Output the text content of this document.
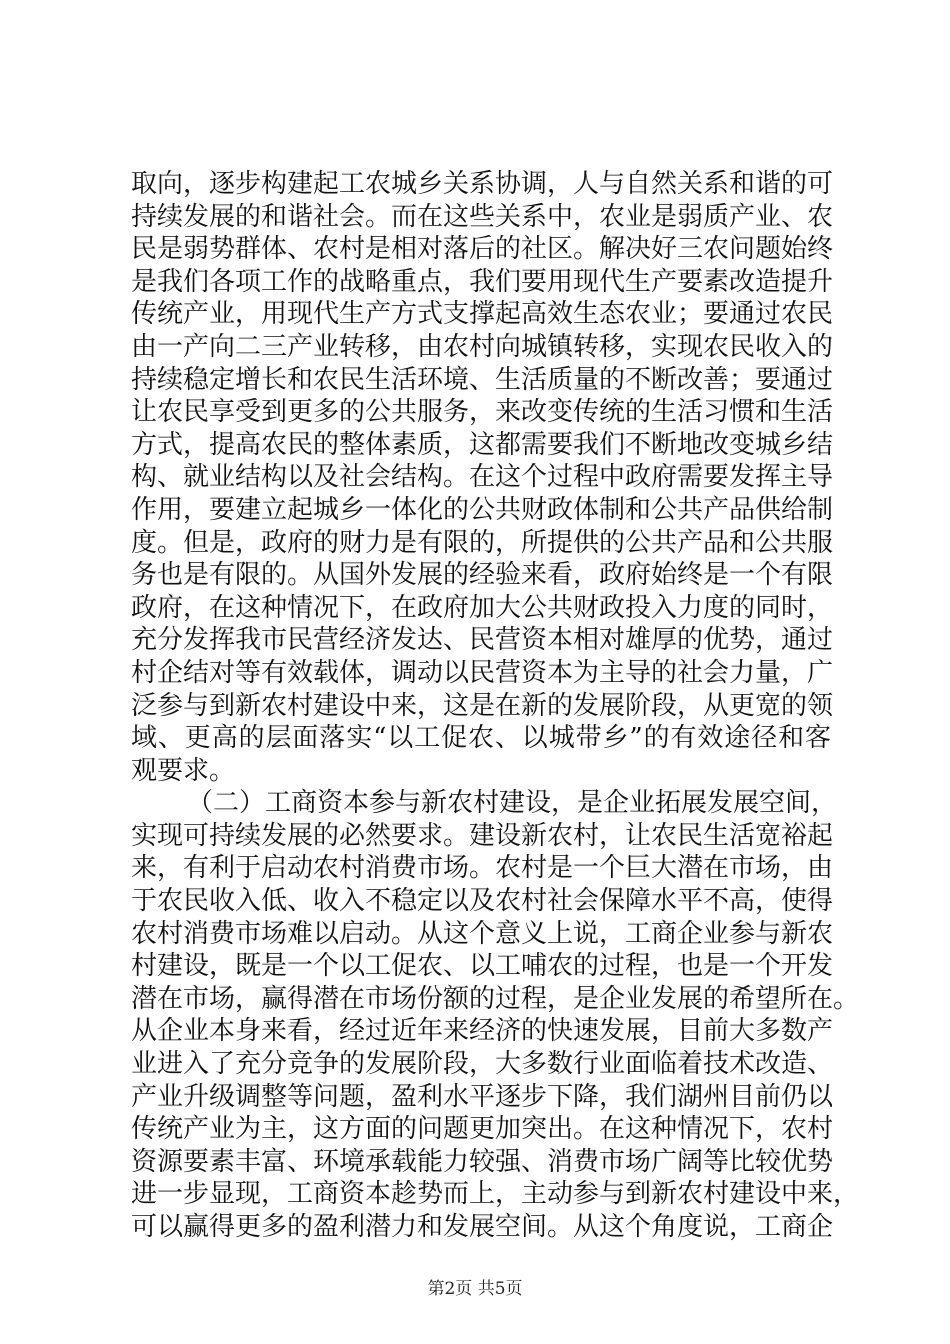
取向，逐步构建起工农城乡关系协调，人与自然关系和谐的可
持续发展的和谐社会。而在这些关系中，农业是弱质产业、农
民是弱势群体、农村是相对落后的社区。解决好三农问题始终
是我们各项工作的战略重点，我们要用现代生产要素改造提升
传统产业，用现代生产方式支撑起高效生态农业；要通过农民
由一产向二三产业转移，由农村向城镇转移，实现农民收入的
持续稳定增长和农民生活环境、生活质量的不断改善；要通过
让农民享受到更多的公共服务，来改变传统的生活习惯和生活
方式，提高农民的整体素质，这都需要我们不断地改变城乡结
构、就业结构以及社会结构。在这个过程中政府需要发挥主导
作用，要建立起城乡一体化的公共财政体制和公共产品供给制
度。但是，政府的财力是有限的，所提供的公共产品和公共服
务也是有限的。从国外发展的经验来看，政府始终是一个有限
政府，在这种情况下，在政府加大公共财政投入力度的同时，
充分发挥我市民营经济发达、民营资本相对雄厚的优势，通过
村企结对等有效载体，调动以民营资本为主导的社会力量，广
泛参与到新农村建设中来，这是在新的发展阶段，从更宽的领
域、更高的层面落实“以工促农、以城带乡”的有效途径和客
观要求。
（二）工商资本参与新农村建设，是企业拓展发展空间，
实现可持续发展的必然要求。建设新农村，让农民生活宽裕起
来，有利于启动农村消费市场。农村是一个巨大潜在市场，由
于农民收入低、收入不稳定以及农村社会保障水平不高，使得
农村消费市场难以启动。从这个意义上说，工商企业参与新农
村建设，既是一个以工促农、以工哺农的过程，也是一个开发
潜在市场，赢得潜在市场份额的过程，是企业发展的希望所在。
从企业本身来看，经过近年来经济的快速发展，目前大多数产
业进入了充分竞争的发展阶段，大多数行业面临着技术改造、
产业升级调整等问题，盈利水平逐步下降，我们湖州目前仍以
传统产业为主，这方面的问题更加突出。在这种情况下，农村
资源要素丰富、环境承载能力较强、消费市场广阔等比较优势
进一步显现，工商资本趁势而上，主动参与到新农村建设中来，
可以赢得更多的盈利潜力和发展空间。从这个角度说，工商企
第2页 共5页
